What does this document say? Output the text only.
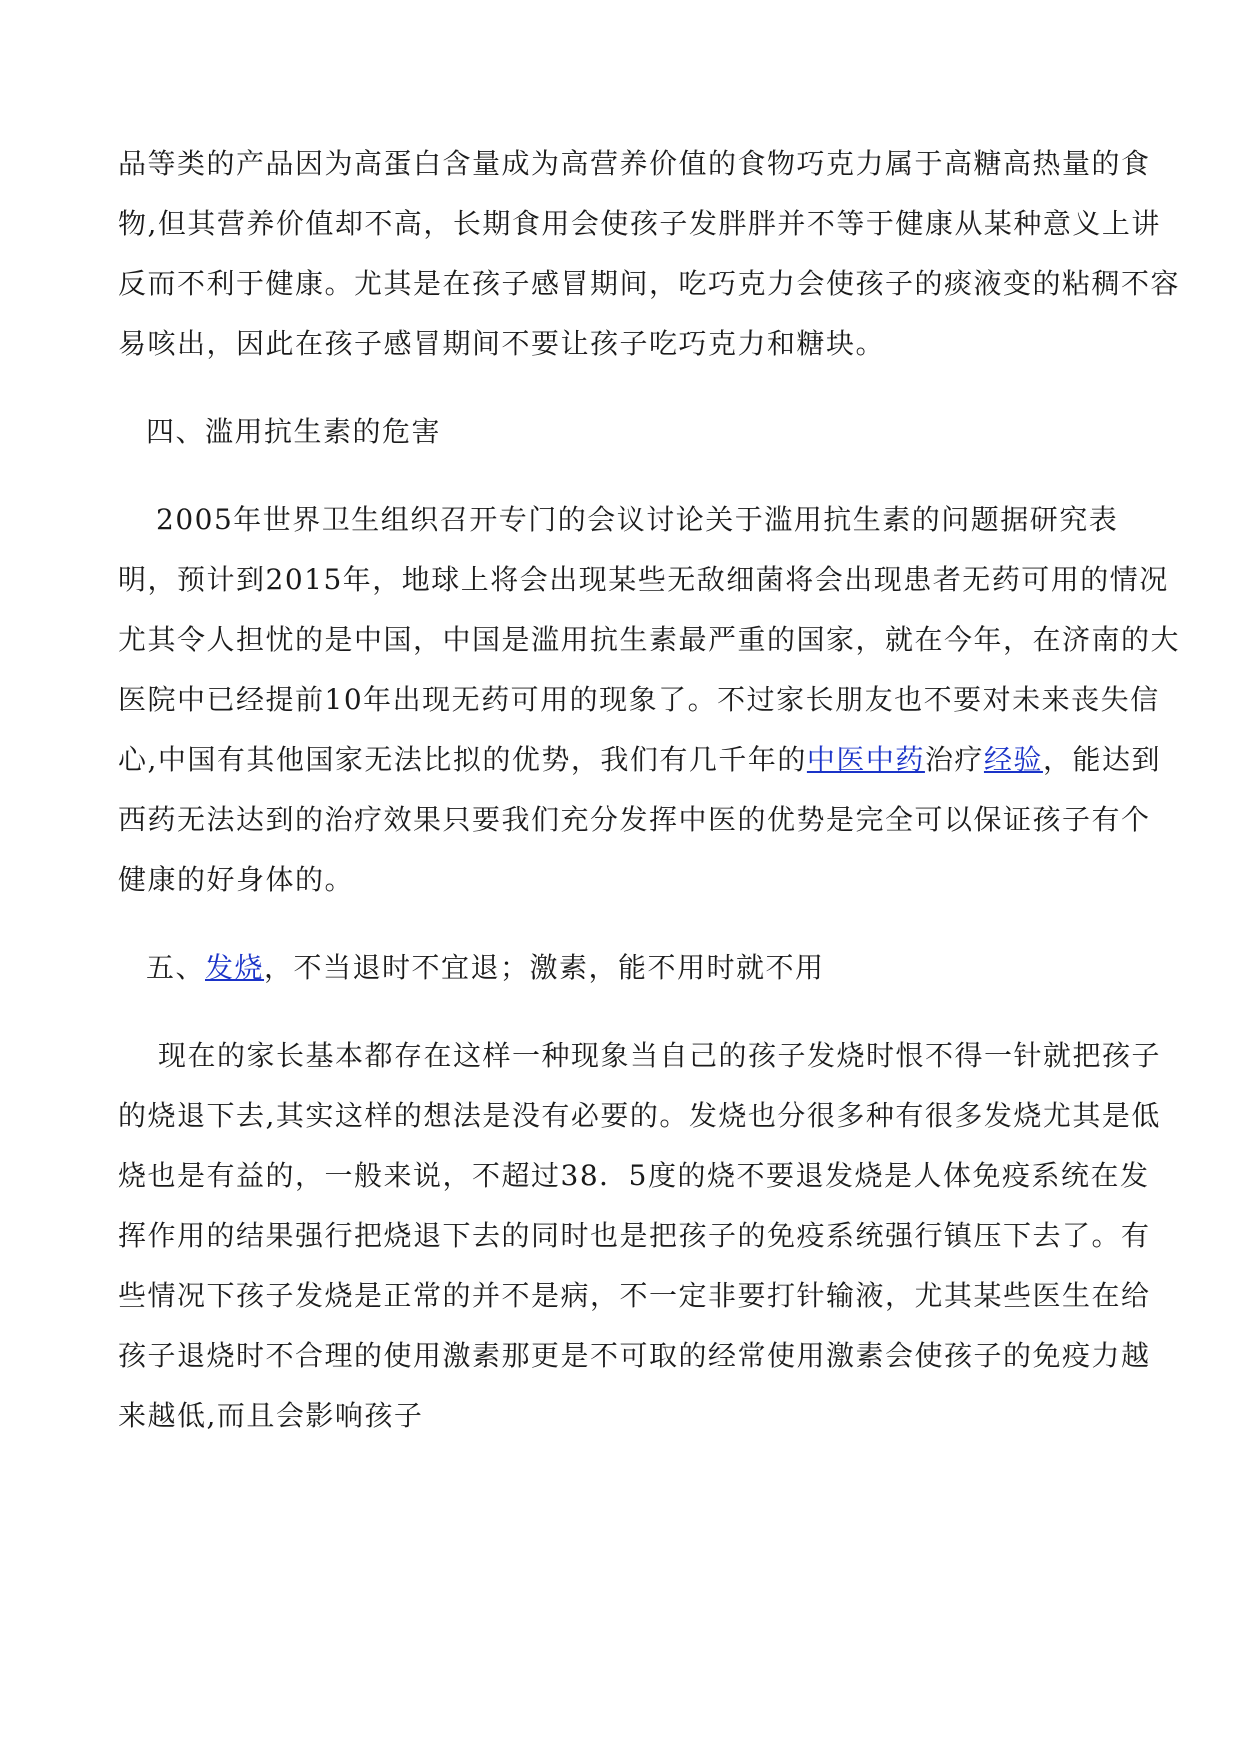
品等类的产品因为高蛋白含量成为高营养价值的食物巧克力属于高糖高热量的食
物,但其营养价值却不高，长期食用会使孩子发胖胖并不等于健康从某种意义上讲
反而不利于健康。尤其是在孩子感冒期间，吃巧克力会使孩子的痰液变的粘稠不容
易咳出，因此在孩子感冒期间不要让孩子吃巧克力和糖块。
四、滥用抗生素的危害
2005年世界卫生组织召开专门的会议讨论关于滥用抗生素的问题据研究表
明，预计到2015年，地球上将会出现某些无敌细菌将会出现患者无药可用的情况
尤其令人担忧的是中国，中国是滥用抗生素最严重的国家，就在今年，在济南的大
医院中已经提前10年出现无药可用的现象了。不过家长朋友也不要对未来丧失信
心,中国有其他国家无法比拟的优势，我们有几千年的中医中药治疗经验，能达到
西药无法达到的治疗效果只要我们充分发挥中医的优势是完全可以保证孩子有个
健康的好身体的。
五、发烧，不当退时不宜退；激素，能不用时就不用
现在的家长基本都存在这样一种现象当自己的孩子发烧时恨不得一针就把孩子
的烧退下去,其实这样的想法是没有必要的。发烧也分很多种有很多发烧尤其是低
烧也是有益的，一般来说，不超过38．5度的烧不要退发烧是人体免疫系统在发
挥作用的结果强行把烧退下去的同时也是把孩子的免疫系统强行镇压下去了。有
些情况下孩子发烧是正常的并不是病，不一定非要打针输液，尤其某些医生在给
孩子退烧时不合理的使用激素那更是不可取的经常使用激素会使孩子的免疫力越
来越低,而且会影响孩子
